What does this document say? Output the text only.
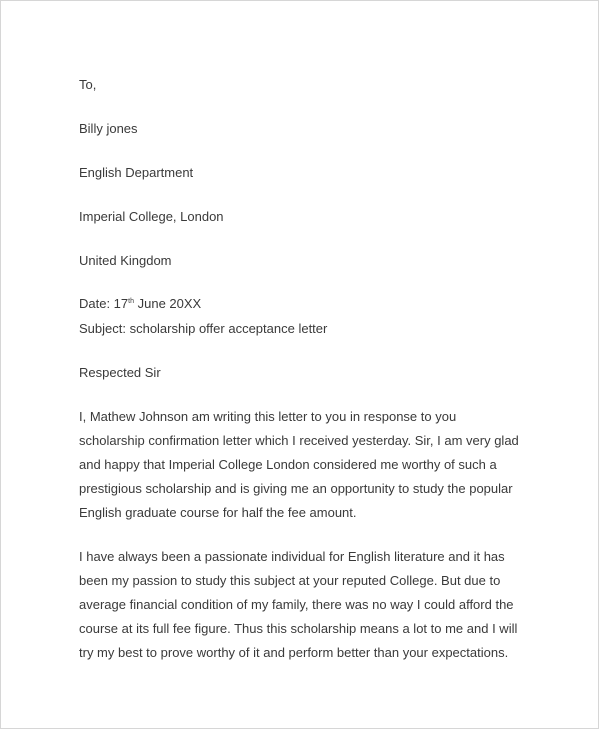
To,
Billy jones
English Department
Imperial College, London
United Kingdom
Date: 17th June 20XX
Subject: scholarship offer acceptance letter
Respected Sir
I, Mathew Johnson am writing this letter to you in response to you
scholarship confirmation letter which I received yesterday. Sir, I am very glad
and happy that Imperial College London considered me worthy of such a
prestigious scholarship and is giving me an opportunity to study the popular
English graduate course for half the fee amount.
I have always been a passionate individual for English literature and it has
been my passion to study this subject at your reputed College. But due to
average financial condition of my family, there was no way I could afford the
course at its full fee figure. Thus this scholarship means a lot to me and I will
try my best to prove worthy of it and perform better than your expectations.
